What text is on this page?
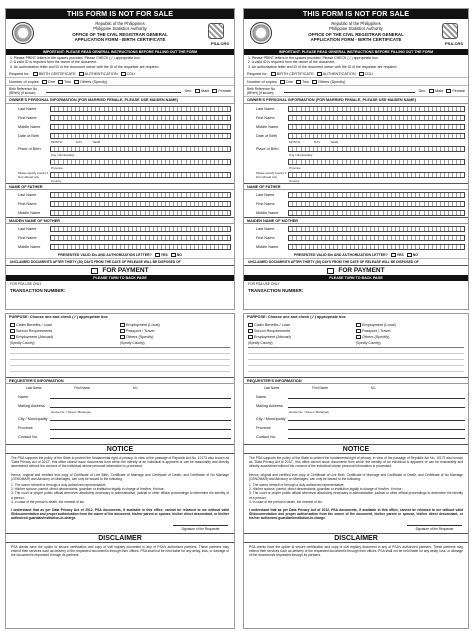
THIS FORM IS NOT FOR SALE
Republic of the Philippines
Philippine Statistics Authority
OFFICE OF THE CIVIL REGISTRAR GENERAL
APPLICATION FORM - BIRTH CERTIFICATE
PSA-CRS
IMPORTANT: PLEASE READ GENERAL INSTRUCTIONS BEFORE FILLING OUT THE FORM
1. Please PRINT letters in the spaces provided. Please CHECK (✓) appropriate box.
2. A valid ID is required from the owner of the document.
3. An authorization letter and ID of the document owner with the ID of the requester are required.
Request for:	BIRTH CERTIFICATE	AUTHENTICATION	CDLI
Number of copies	One	Two	Others (Specify)
Birth Reference No. (BReN) (If known):	Sex:	Male	Female
OWNER'S PERSONAL INFORMATION (FOR MARRIED FEMALE, PLEASE USE MAIDEN NAME)
Last Name
First Name
Middle Name
Date of Birth
MONTH	DAY	YEAR
Place of Birth
City / Municipality
Province
Please specify country if born abroad only
Country
NAME OF FATHER
Last Name
First Name
Middle Name
MAIDEN NAME OF MOTHER
Last Name
First Name
Middle Name
PRESENTED VALID IDs AND AUTHORIZATION LETTER?	YES	NO
UNCLAIMED DOCUMENTS AFTER THIRTY (30) DAYS FROM THE DATE OF RELEASE WILL BE DISPOSED OF
FOR PAYMENT
PLEASE TURN TO BACK PAGE
FOR PSA USE ONLY
TRANSACTION NUMBER:
THIS FORM IS NOT FOR SALE
Republic of the Philippines
Philippine Statistics Authority
OFFICE OF THE CIVIL REGISTRAR GENERAL
APPLICATION FORM - BIRTH CERTIFICATE
PSA-CRS
IMPORTANT: PLEASE READ GENERAL INSTRUCTIONS BEFORE FILLING OUT THE FORM
1. Please PRINT letters in the spaces provided. Please CHECK (✓) appropriate box.
2. A valid ID is required from the owner of the document.
3. An authorization letter and ID of the document owner with the ID of the requester are required.
Request for:	BIRTH CERTIFICATE	AUTHENTICATION	CDLI
Number of copies	One	Two	Others (Specify)
Birth Reference No. (BReN) (If known):	Sex:	Male	Female
OWNER'S PERSONAL INFORMATION (FOR MARRIED FEMALE, PLEASE USE MAIDEN NAME)
Last Name
First Name
Middle Name
Date of Birth
MONTH	DAY	YEAR
Place of Birth
City / Municipality
Province
Please specify country if born abroad only
Country
NAME OF FATHER
Last Name
First Name
Middle Name
MAIDEN NAME OF MOTHER
Last Name
First Name
Middle Name
PRESENTED VALID IDs AND AUTHORIZATION LETTER?	YES	NO
UNCLAIMED DOCUMENTS AFTER THIRTY (30) DAYS FROM THE DATE OF RELEASE WILL BE DISPOSED OF
FOR PAYMENT
PLEASE TURN TO BACK PAGE
FOR PSA USE ONLY
TRANSACTION NUMBER:
PURPOSE: Choose one and check (✓) appropriate box
Claim Benefits / Loan	Employment (Local)
School Requirements	Passport / Travel
Employment (Abroad)	Others (Specify)
(Specify Country)	(Specify Country)
REQUESTER'S INFORMATION
Last Name	First Name	M.I.
Name
Mailing Address
House No. / Street / Barangay
City / Municipality
Province
Contact No.
NOTICE
The PSA supports the policy of the State to protect the fundamental right of privacy. In view of the passage of Republic Act No. 10173 also known as "Data Privacy Act of 2012", this office cannot issue documents from which the identity of an individual is apparent or can be reasonably and directly ascertained without the consent of the individual whose personal information is processed.
Hence, original and certified true copy of Certificate of Live Birth, Certificate of Marriage and Certificate of Death, and Certificate of No Marriage (CENOMAR) and Advisory on Marriages, can only be issued to the following:
1. The owner himself or through a duly authorized representative;
2. His/her spouse, parent, direct descendants, guardian or institution legally in-charge of him/her, if minor;
3. The court or proper public official whenever absolutely necessary in administrative, judicial or other official proceedings to determine the identity of a person;
4. In case of the person's death, the nearest of kin.
I understand that as per Data Privacy Act of 2012, PSA documents, if available in this office, cannot be released to me without valid ID/documentation and proper authorization from the owner of the document, his/her parent or spouse, his/her direct descendant, or his/her authorized guardian/institution-in-charge.
Signature of the Requester
DISCLAIMER
PSA clients have the option to secure certification and copy of civil registry document in any of PSA's authorized partners. These partners may extend their services such as delivery of the requested document/s through their offices. PSA shall not be held liable for any delay, loss, or damage of the document/s requested through its partners.
PURPOSE: Choose one and check (✓) appropriate box
Claim Benefits / Loan	Employment (Local)
School Requirements	Passport / Travel
Employment (Abroad)	Others (Specify)
(Specify Country)	(Specify Country)
REQUESTER'S INFORMATION
Last Name	First Name	M.I.
Name
Mailing Address
House No. / Street / Barangay
City / Municipality
Province
Contact No.
NOTICE
The PSA supports the policy of the State to protect the fundamental right of privacy. In view of the passage of Republic Act No. 10173 also known as "Data Privacy Act of 2012", this office cannot issue documents from which the identity of an individual is apparent or can be reasonably and directly ascertained without the consent of the individual whose personal information is processed.
Hence, original and certified true copy of Certificate of Live Birth, Certificate of Marriage and Certificate of Death, and Certificate of No Marriage (CENOMAR) and Advisory on Marriages, can only be issued to the following:
1. The owner himself or through a duly authorized representative;
2. His/her spouse, parent, direct descendants, guardian or institution legally in-charge of him/her, if minor;
3. The court or proper public official whenever absolutely necessary in administrative, judicial or other official proceedings to determine the identity of a person;
4. In case of the person's death, the nearest of kin.
I understand that as per Data Privacy Act of 2012, PSA documents, if available in this office, cannot be released to me without valid ID/documentation and proper authorization from the owner of the document, his/her parent or spouse, his/her direct descendant, or his/her authorized guardian/institution-in-charge.
Signature of the Requester
DISCLAIMER
PSA clients have the option to secure certification and copy of civil registry document in any of PSA's authorized partners. These partners may extend their services such as delivery of the requested document/s through their offices. PSA shall not be held liable for any delay, loss, or damage of the document/s requested through its partners.
